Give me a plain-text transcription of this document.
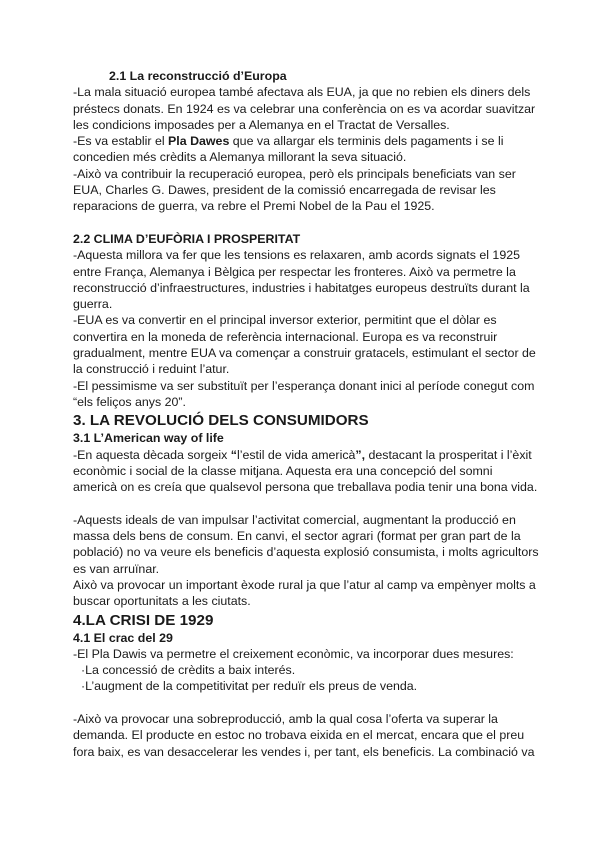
2.1 La reconstrucció d’Europa
-La mala situació europea també afectava als EUA, ja que no rebien els diners dels
préstecs donats. En 1924 es va celebrar una conferència on es va acordar suavitzar
les condicions imposades per a Alemanya en el Tractat de Versalles.
-Es va establir el Pla Dawes que va allargar els terminis dels pagaments i se li
concedien més crèdits a Alemanya millorant la seva situació.
-Això va contribuir la recuperació europea, però els principals beneficiats van ser
EUA, Charles G. Dawes, president de la comissió encarregada de revisar les
reparacions de guerra, va rebre el Premi Nobel de la Pau el 1925.
2.2 CLIMA D’EUFÒRIA I PROSPERITAT
-Aquesta millora va fer que les tensions es relaxaren, amb acords signats el 1925
entre França, Alemanya i Bèlgica per respectar les fronteres. Això va permetre la
reconstrucció d’infraestructures, industries i habitatges europeus destruïts durant la
guerra.
-EUA es va convertir en el principal inversor exterior, permitint que el dòlar es
convertira en la moneda de referència internacional. Europa es va reconstruir
gradualment, mentre EUA va començar a construir gratacels, estimulant el sector de
la construcció i reduint l’atur.
-El pessimisme va ser substituït per l’esperança donant inici al període conegut com
“els feliços anys 20”.
3. LA REVOLUCIÓ DELS CONSUMIDORS
3.1 L’American way of life
-En aquesta dècada sorgeix “l’estil de vida americà”, destacant la prosperitat i l’èxit
econòmic i social de la classe mitjana. Aquesta era una concepció del somni
americà on es creía que qualsevol persona que treballava podia tenir una bona vida.
-Aquests ideals de van impulsar l’activitat comercial, augmentant la producció en
massa dels bens de consum. En canvi, el sector agrari (format per gran part de la
població) no va veure els beneficis d’aquesta explosió consumista, i molts agricultors
es van arruïnar.
Això va provocar un important èxode rural ja que l’atur al camp va empènyer molts a
buscar oportunitats a les ciutats.
4.LA CRISI DE 1929
4.1 El crac del 29
-El Pla Dawis va permetre el creixement econòmic, va incorporar dues mesures:
·La concessió de crèdits a baix interés.
·L’augment de la competitivitat per reduïr els preus de venda.
-Això va provocar una sobreproducció, amb la qual cosa l’oferta va superar la
demanda. El producte en estoc no trobava eixida en el mercat, encara que el preu
fora baix, es van desaccelerar les vendes i, per tant, els beneficis. La combinació va
